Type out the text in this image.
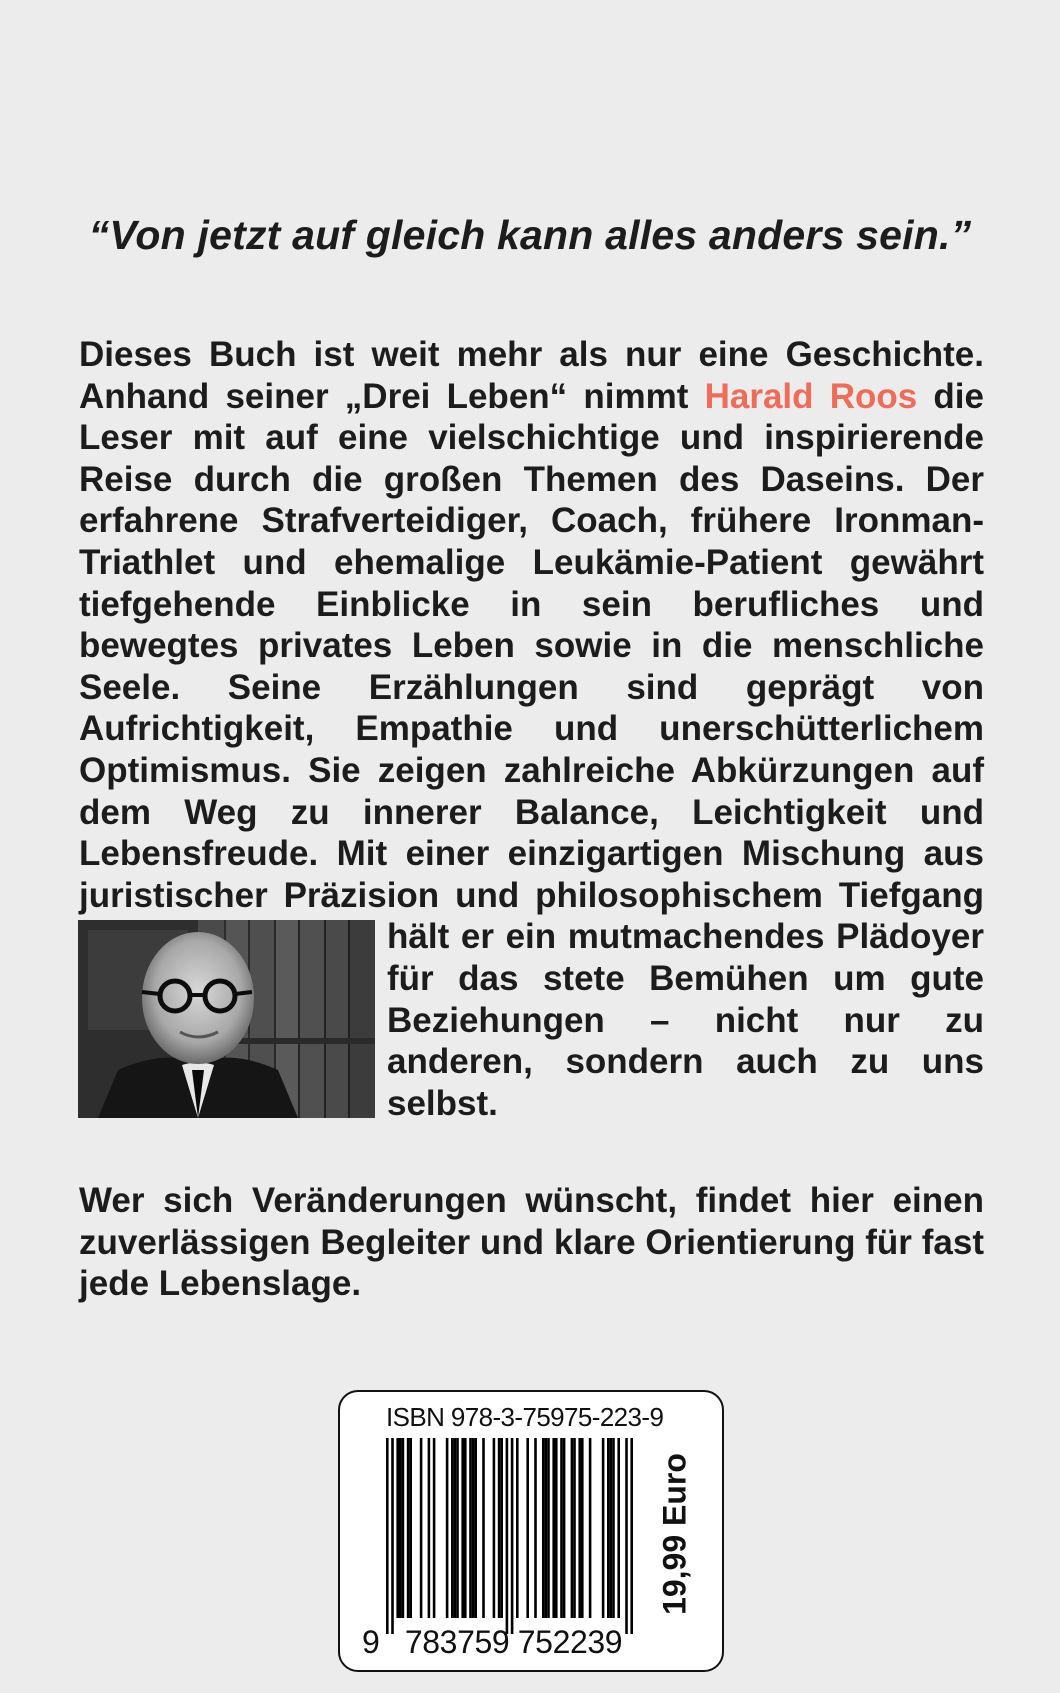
“Von jetzt auf gleich kann alles anders sein.”
Dieses Buch ist weit mehr als nur eine Geschichte. Anhand seiner „Drei Leben“ nimmt Harald Roos die Leser mit auf eine vielschichtige und inspirierende Reise durch die großen Themen des Daseins. Der erfahrene Strafverteidiger, Coach, frühere Ironman-Triathlet und ehemalige Leukämie-Patient gewährt tiefgehende Einblicke in sein berufliches und bewegtes privates Leben sowie in die menschliche Seele. Seine Erzählungen sind geprägt von Aufrichtigkeit, Empathie und unerschütterlichem Optimismus. Sie zeigen zahlreiche Abkürzungen auf dem Weg zu innerer Balance, Leichtigkeit und Lebensfreude. Mit einer einzigartigen Mischung aus juristischer Präzision und philosophischem Tiefgang
hält er ein mutmachendes Plädoyer für das stete Bemühen um gute Beziehungen – nicht nur zu anderen, sondern auch zu uns selbst.
Wer sich Veränderungen wünscht, findet hier einen zuverlässigen Begleiter und klare Orientierung für fast jede Lebenslage.
ISBN 978-3-75975-223-9
19,99 Euro
9 783759 752239
